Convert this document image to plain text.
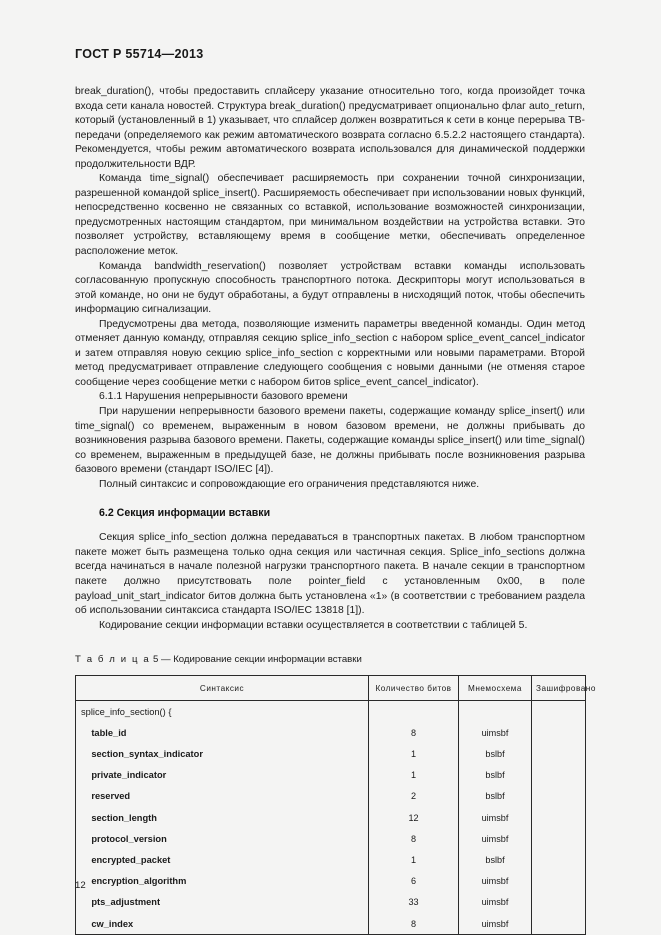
ГОСТ Р 55714—2013

break_duration(), чтобы предоставить сплайсеру указание относительно того, когда произойдет точка входа сети канала новостей. Структура break_duration() предусматривает опционально флаг auto_return, который (установленный в 1) указывает, что сплайсер должен возвратиться к сети в конце перерыва ТВ-передачи (определяемого как режим автоматического возврата согласно 6.5.2.2 настоящего стандарта). Рекомендуется, чтобы режим автоматического возврата использовался для динамической поддержки продолжительности ВДР.

Команда time_signal() обеспечивает расширяемость при сохранении точной синхронизации, разрешенной командой splice_insert(). Расширяемость обеспечивает при использовании новых функций, непосредственно косвенно не связанных со вставкой, использование возможностей синхронизации, предусмотренных настоящим стандартом, при минимальном воздействии на устройства вставки. Это позволяет устройству, вставляющему время в сообщение метки, обеспечивать определенное расположение меток.

Команда bandwidth_reservation() позволяет устройствам вставки команды использовать согласованную пропускную способность транспортного потока. Дескрипторы могут использоваться в этой команде, но они не будут обработаны, а будут отправлены в нисходящий поток, чтобы обеспечить информацию сигнализации.

Предусмотрены два метода, позволяющие изменить параметры введенной команды. Один метод отменяет данную команду, отправляя секцию splice_info_section с набором splice_event_cancel_indicator и затем отправляя новую секцию splice_info_section с корректными или новыми параметрами. Второй метод предусматривает отправление следующего сообщения с новыми данными (не отменяя старое сообщение через сообщение метки с набором битов splice_event_cancel_indicator).

6.1.1 Нарушения непрерывности базового времени

При нарушении непрерывности базового времени пакеты, содержащие команду splice_insert() или time_signal() со временем, выраженным в новом базовом времени, не должны прибывать до возникновения разрыва базового времени. Пакеты, содержащие команды splice_insert() или time_signal() со временем, выраженным в предыдущей базе, не должны прибывать после возникновения разрыва базового времени (стандарт ISO/IEC [4]).

Полный синтаксис и сопровождающие его ограничения представляются ниже.

6.2 Секция информации вставки

Секция splice_info_section должна передаваться в транспортных пакетах. В любом транспортном пакете может быть размещена только одна секция или частичная секция. Splice_info_sections должна всегда начинаться в начале полезной нагрузки транспортного пакета. В начале секции в транспортном пакете должно присутствовать поле pointer_field с установленным 0x00, в поле payload_unit_start_indicator битов должна быть установлена «1» (в соответствии с требованием раздела об использовании синтаксиса стандарта ISO/IEC 13818 [1]).

Кодирование секции информации вставки осуществляется в соответствии с таблицей 5.

Т а б л и ц а 5 — Кодирование секции информации вставки

Синтаксис	Количество битов	Мнемосхема	Зашифровано
splice_info_section() {			
table_id	8	uimsbf	
section_syntax_indicator	1	bslbf	
private_indicator	1	bslbf	
reserved	2	bslbf	
section_length	12	uimsbf	
protocol_version	8	uimsbf	
encrypted_packet	1	bslbf	
encryption_algorithm	6	uimsbf	
pts_adjustment	33	uimsbf	
cw_index	8	uimsbf	
12
